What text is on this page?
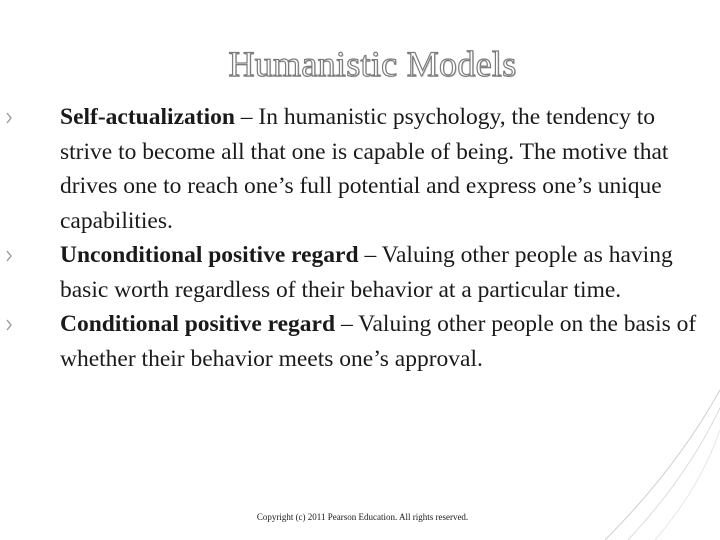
Humanistic Models
Self-actualization – In humanistic psychology, the tendency to strive to become all that one is capable of being. The motive that drives one to reach one’s full potential and express one’s unique capabilities.
Unconditional positive regard – Valuing other people as having basic worth regardless of their behavior at a particular time.
Conditional positive regard – Valuing other people on the basis of whether their behavior meets one’s approval.
Copyright (c) 2011 Pearson Education. All rights reserved.
